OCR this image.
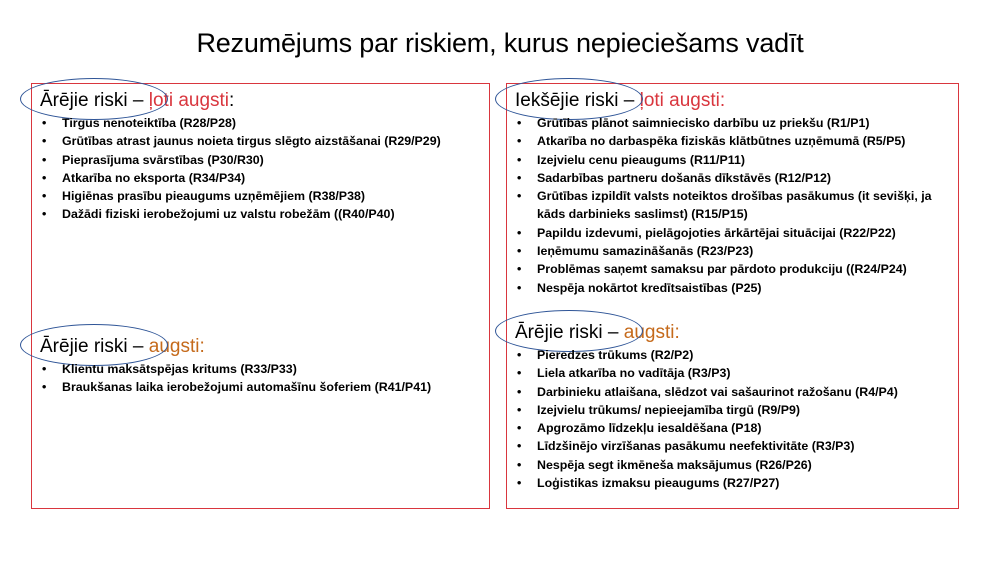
Rezumējums par riskiem, kurus nepieciešams vadīt
Ārējie riski – ļoti augsti:
• Tirgus nenoteiktība (R28/P28)
• Grūtības atrast jaunus noieta tirgus slēgto aizstāšanai (R29/P29)
• Pieprasījuma svārstības (P30/R30)
• Atkarība no eksporta (R34/P34)
• Higiēnas prasību pieaugums uzņēmējiem (R38/P38)
• Dažādi fiziski ierobežojumi uz valstu robežām ((R40/P40)
Ārējie riski – augsti:
• Klientu maksātspējas kritums (R33/P33)
• Braukšanas laika ierobežojumi automašīnu šoferiem (R41/P41)
Iekšējie riski – ļoti augsti:
• Grūtības plānot saimniecisko darbību uz priekšu (R1/P1)
• Atkarība no darbaspēka fiziskās klātbūtnes uzņēmumā (R5/P5)
• Izejvielu cenu pieaugums (R11/P11)
• Sadarbības partneru došanās dīkstāvēs (R12/P12)
• Grūtības izpildīt valsts noteiktos drošības pasākumus (it sevišķi, ja kāds darbinieks saslimst) (R15/P15)
• Papildu izdevumi, pielāgojoties ārkārtējai situācijai (R22/P22)
• Ieņēmumu samazināšanās (R23/P23)
• Problēmas saņemt samaksu par pārdoto produkciju ((R24/P24)
• Nespēja nokārtot kredītsaistības (P25)
Ārējie riski – augsti:
• Pieredzes trūkums (R2/P2)
• Liela atkarība no vadītāja (R3/P3)
• Darbinieku atlaišana, slēdzot vai sašaurinot ražošanu (R4/P4)
• Izejvielu trūkums/ nepieejamība tirgū (R9/P9)
• Apgrozāmo līdzekļu iesaldēšana (P18)
• Līdzšinējo virzīšanas pasākumu neefektivitāte (R3/P3)
• Nespēja segt ikmēneša maksājumus (R26/P26)
• Loģistikas izmaksu pieaugums (R27/P27)
